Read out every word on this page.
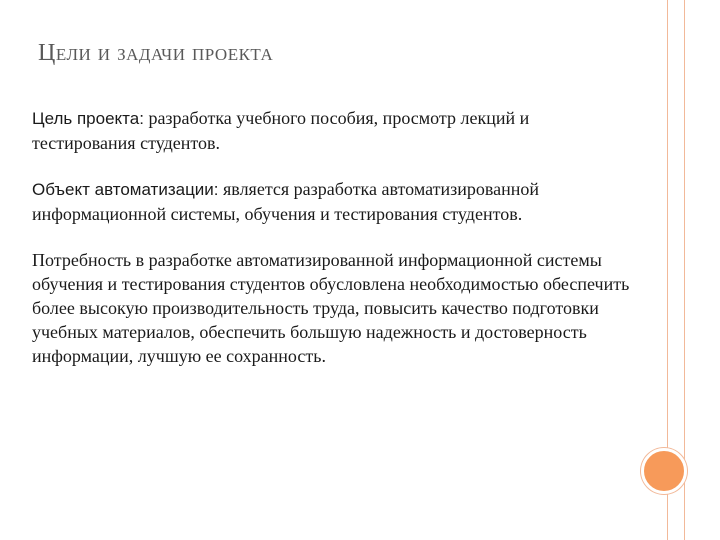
Цели и задачи проекта

Цель проекта: разработка учебного пособия, просмотр лекций и тестирования студентов.

Объект автоматизации: является разработка автоматизированной информационной системы, обучения и тестирования студентов.

Потребность в разработке автоматизированной информационной системы обучения и тестирования студентов обусловлена необходимостью обеспечить более высокую производительность труда, повысить качество подготовки учебных материалов, обеспечить большую надежность и достоверность информации, лучшую ее сохранность.
